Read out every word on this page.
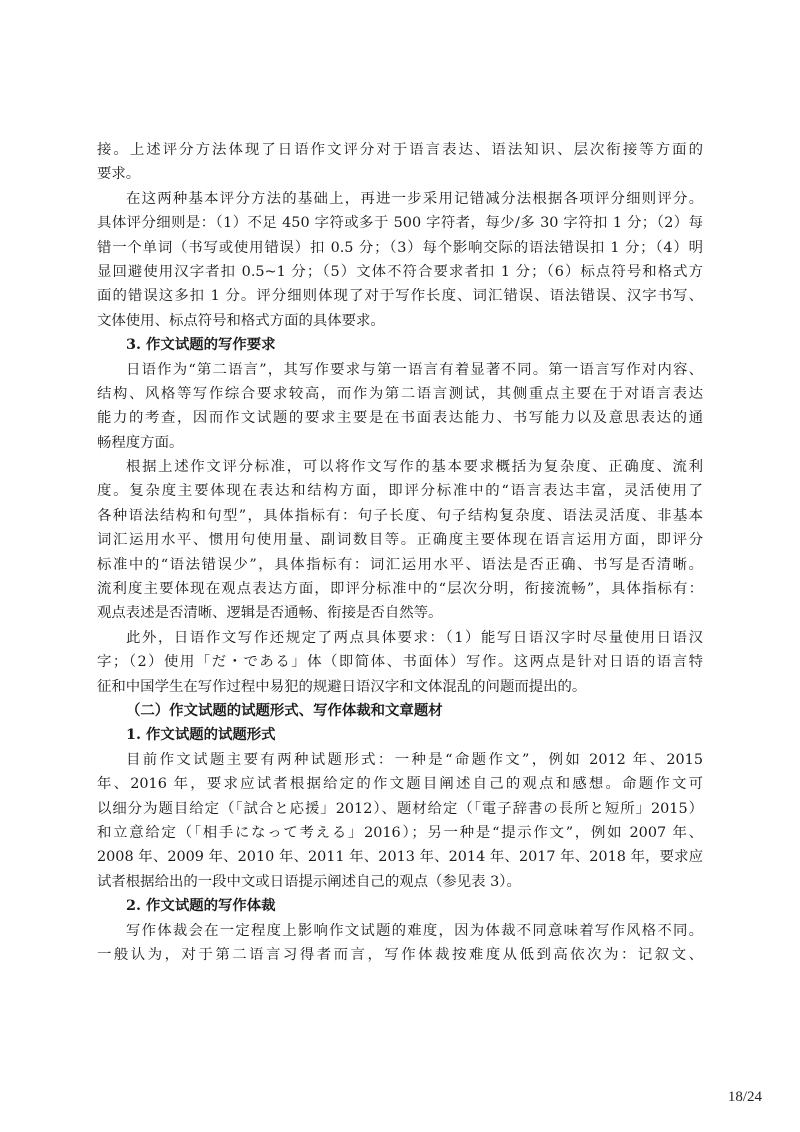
接。上述评分方法体现了日语作文评分对于语言表达、语法知识、层次衔接等方面的
要求。
在这两种基本评分方法的基础上，再进一步采用记错减分法根据各项评分细则评分。
具体评分细则是：（1）不足 450 字符或多于 500 字符者，每少/多 30 字符扣 1 分；（2）每
错一个单词（书写或使用错误）扣 0.5 分；（3）每个影响交际的语法错误扣 1 分；（4）明
显回避使用汉字者扣 0.5~1 分；（5）文体不符合要求者扣 1 分；（6）标点符号和格式方
面的错误这多扣 1 分。评分细则体现了对于写作长度、词汇错误、语法错误、汉字书写、
文体使用、标点符号和格式方面的具体要求。
3. 作文试题的写作要求
日语作为“第二语言”，其写作要求与第一语言有着显著不同。第一语言写作对内容、
结构、风格等写作综合要求较高，而作为第二语言测试，其侧重点主要在于对语言表达
能力的考查，因而作文试题的要求主要是在书面表达能力、书写能力以及意思表达的通
畅程度方面。
根据上述作文评分标准，可以将作文写作的基本要求概括为复杂度、正确度、流利
度。复杂度主要体现在表达和结构方面，即评分标准中的“语言表达丰富，灵活使用了
各种语法结构和句型”，具体指标有：句子长度、句子结构复杂度、语法灵活度、非基本
词汇运用水平、惯用句使用量、副词数目等。正确度主要体现在语言运用方面，即评分
标准中的“语法错误少”，具体指标有：词汇运用水平、语法是否正确、书写是否清晰。
流利度主要体现在观点表达方面，即评分标准中的“层次分明，衔接流畅”，具体指标有：
观点表述是否清晰、逻辑是否通畅、衔接是否自然等。
此外，日语作文写作还规定了两点具体要求：（1）能写日语汉字时尽量使用日语汉
字；（2）使用「だ・である」体（即简体、书面体）写作。这两点是针对日语的语言特
征和中国学生在写作过程中易犯的规避日语汉字和文体混乱的问题而提出的。
（二）作文试题的试题形式、写作体裁和文章题材
1. 作文试题的试题形式
目前作文试题主要有两种试题形式：一种是“命题作文”，例如 2012 年、2015
年、2016 年，要求应试者根据给定的作文题目阐述自己的观点和感想。命题作文可
以细分为题目给定（「試合と応援」2012）、题材给定（「電子辞書の長所と短所」2015）
和立意给定（「相手になって考える」2016）；另一种是“提示作文”，例如 2007 年、
2008 年、2009 年、2010 年、2011 年、2013 年、2014 年、2017 年、2018 年，要求应
试者根据给出的一段中文或日语提示阐述自己的观点（参见表 3）。
2. 作文试题的写作体裁
写作体裁会在一定程度上影响作文试题的难度，因为体裁不同意味着写作风格不同。
一般认为，对于第二语言习得者而言，写作体裁按难度从低到高依次为：记叙文、
18/24
